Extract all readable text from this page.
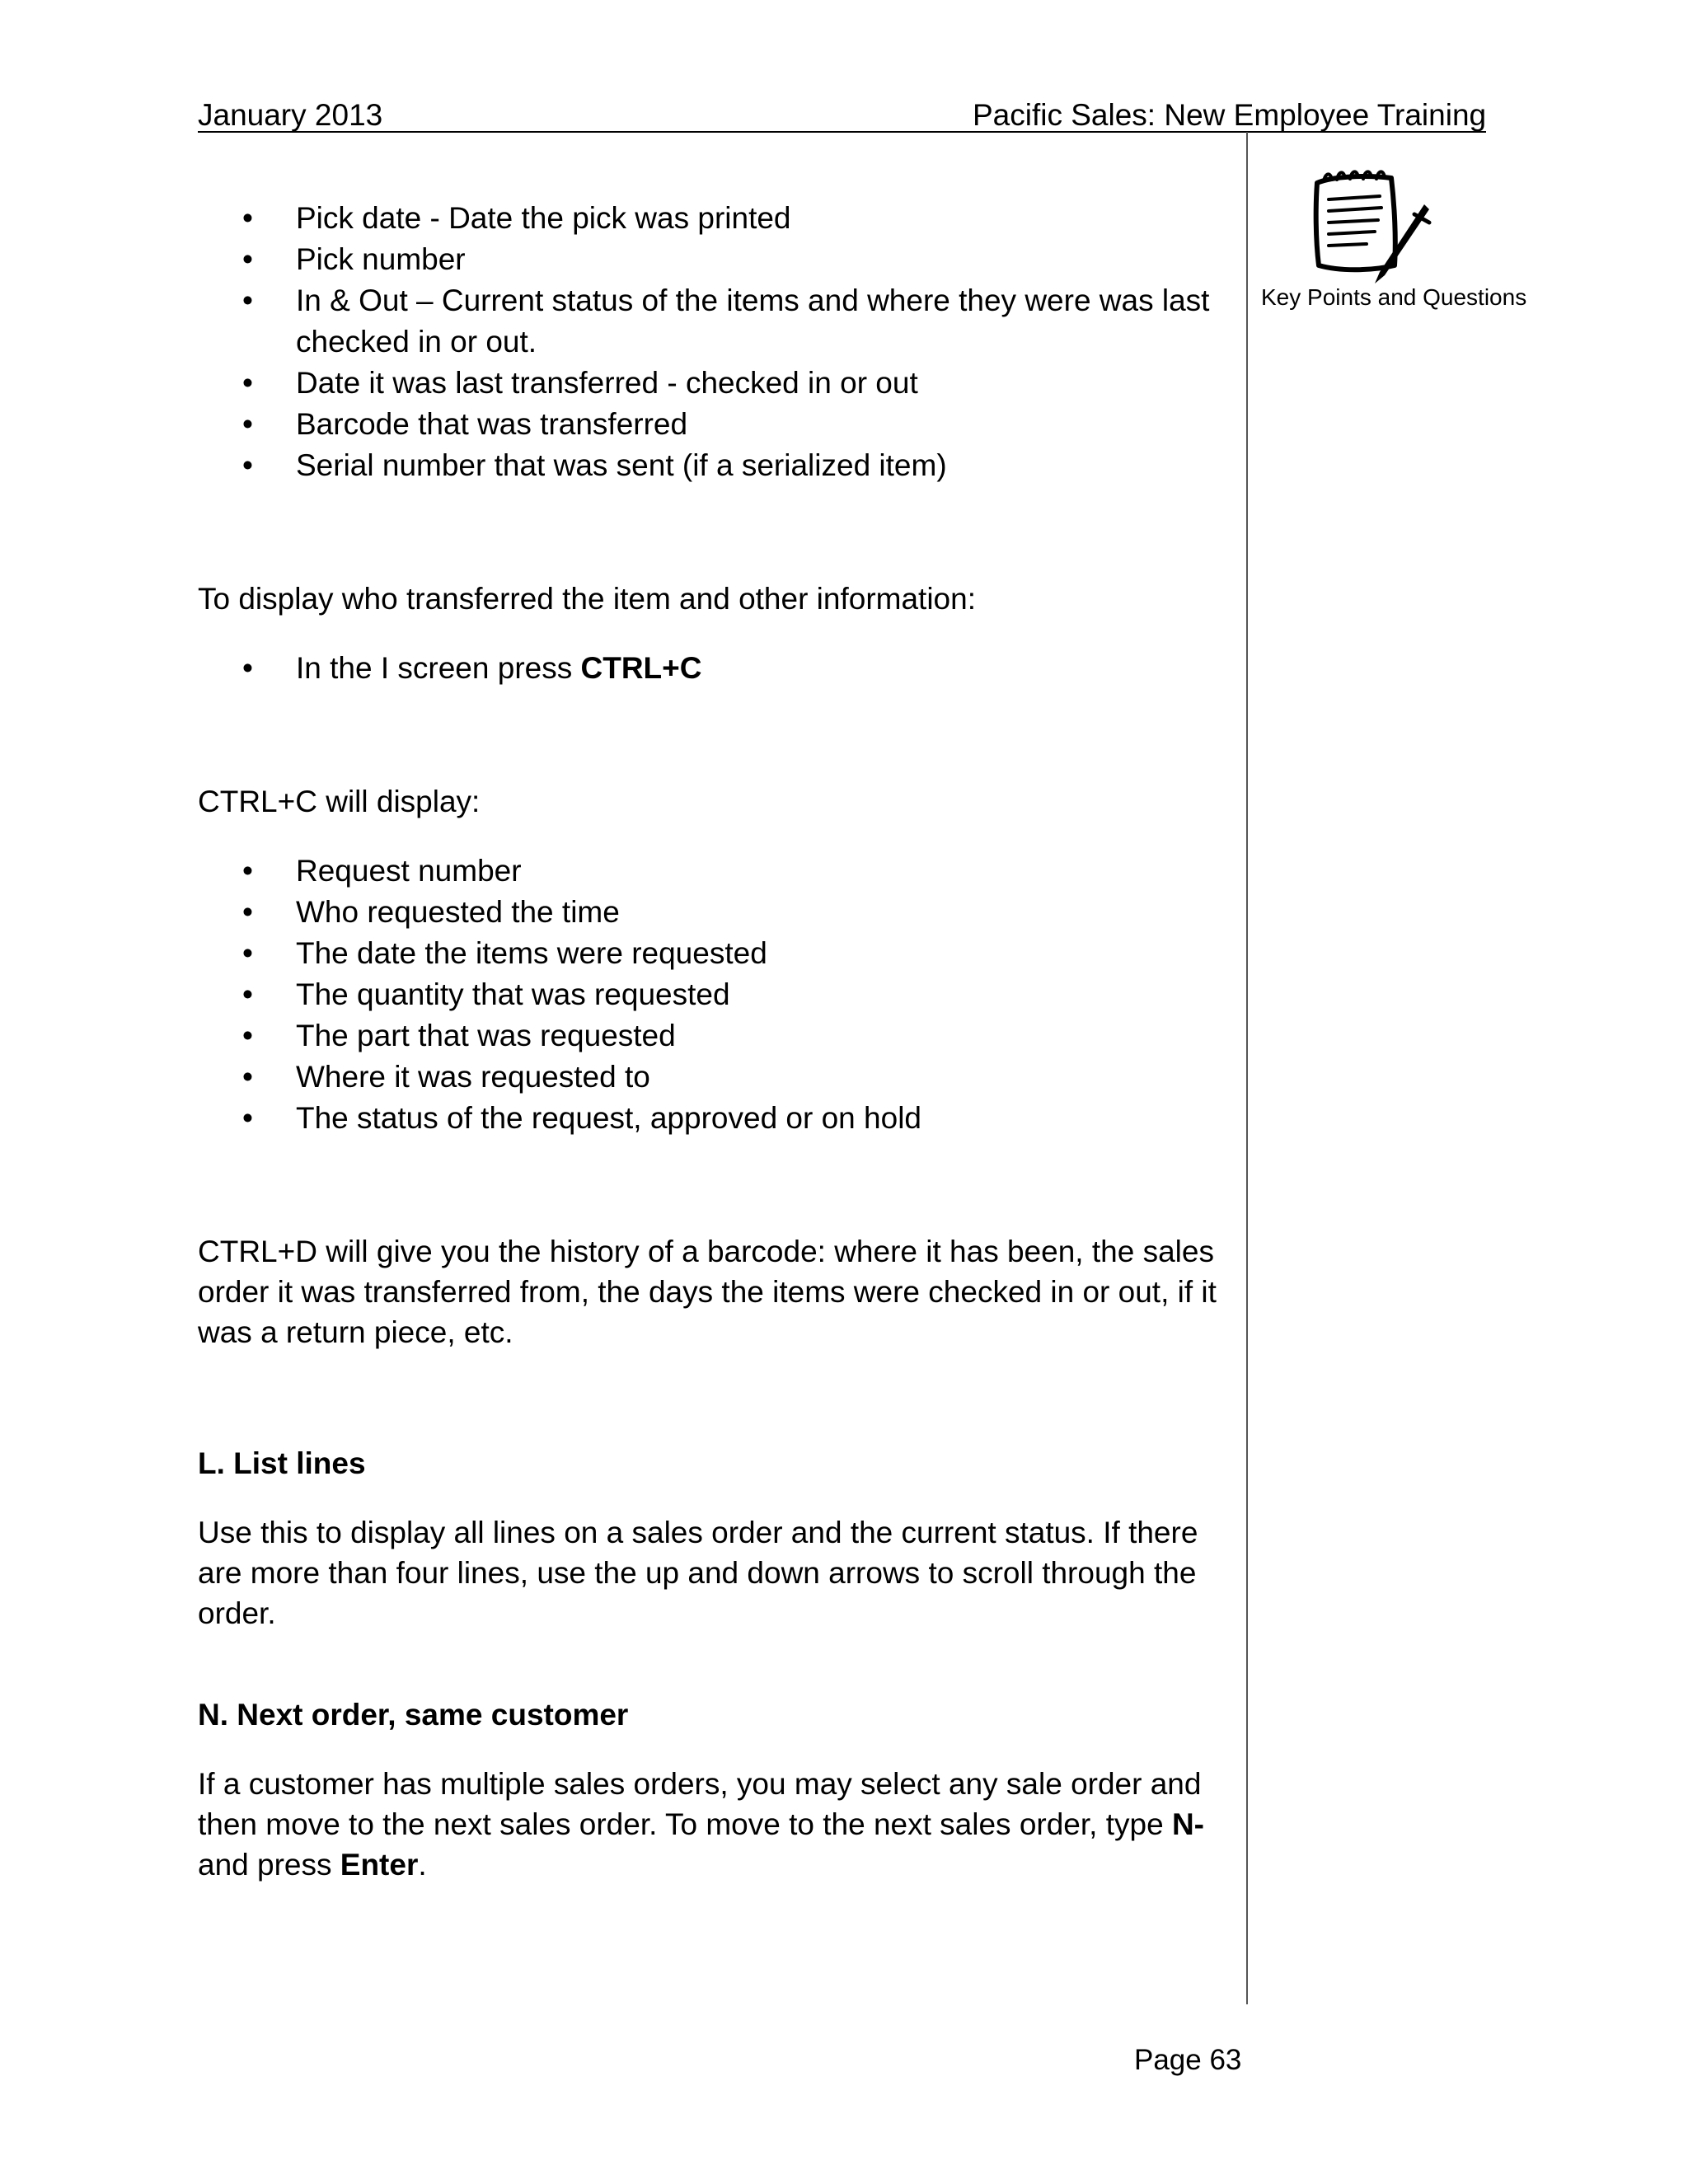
January 2013	Pacific Sales: New Employee Training
Key Points and Questions
• Pick date - Date the pick was printed
• Pick number
• In & Out – Current status of the items and where they were was last checked in or out.
• Date it was last transferred - checked in or out
• Barcode that was transferred
• Serial number that was sent (if a serialized item)

To display who transferred the item and other information:

• In the I screen press CTRL+C

CTRL+C will display:

• Request number
• Who requested the time
• The date the items were requested
• The quantity that was requested
• The part that was requested
• Where it was requested to
• The status of the request, approved or on hold

CTRL+D will give you the history of a barcode: where it has been, the sales order it was transferred from, the days the items were checked in or out, if it was a return piece, etc.

L. List lines

Use this to display all lines on a sales order and the current status. If there are more than four lines, use the up and down arrows to scroll through the order.

N. Next order, same customer

If a customer has multiple sales orders, you may select any sale order and then move to the next sales order. To move to the next sales order, type N- and press Enter.

Page 63
